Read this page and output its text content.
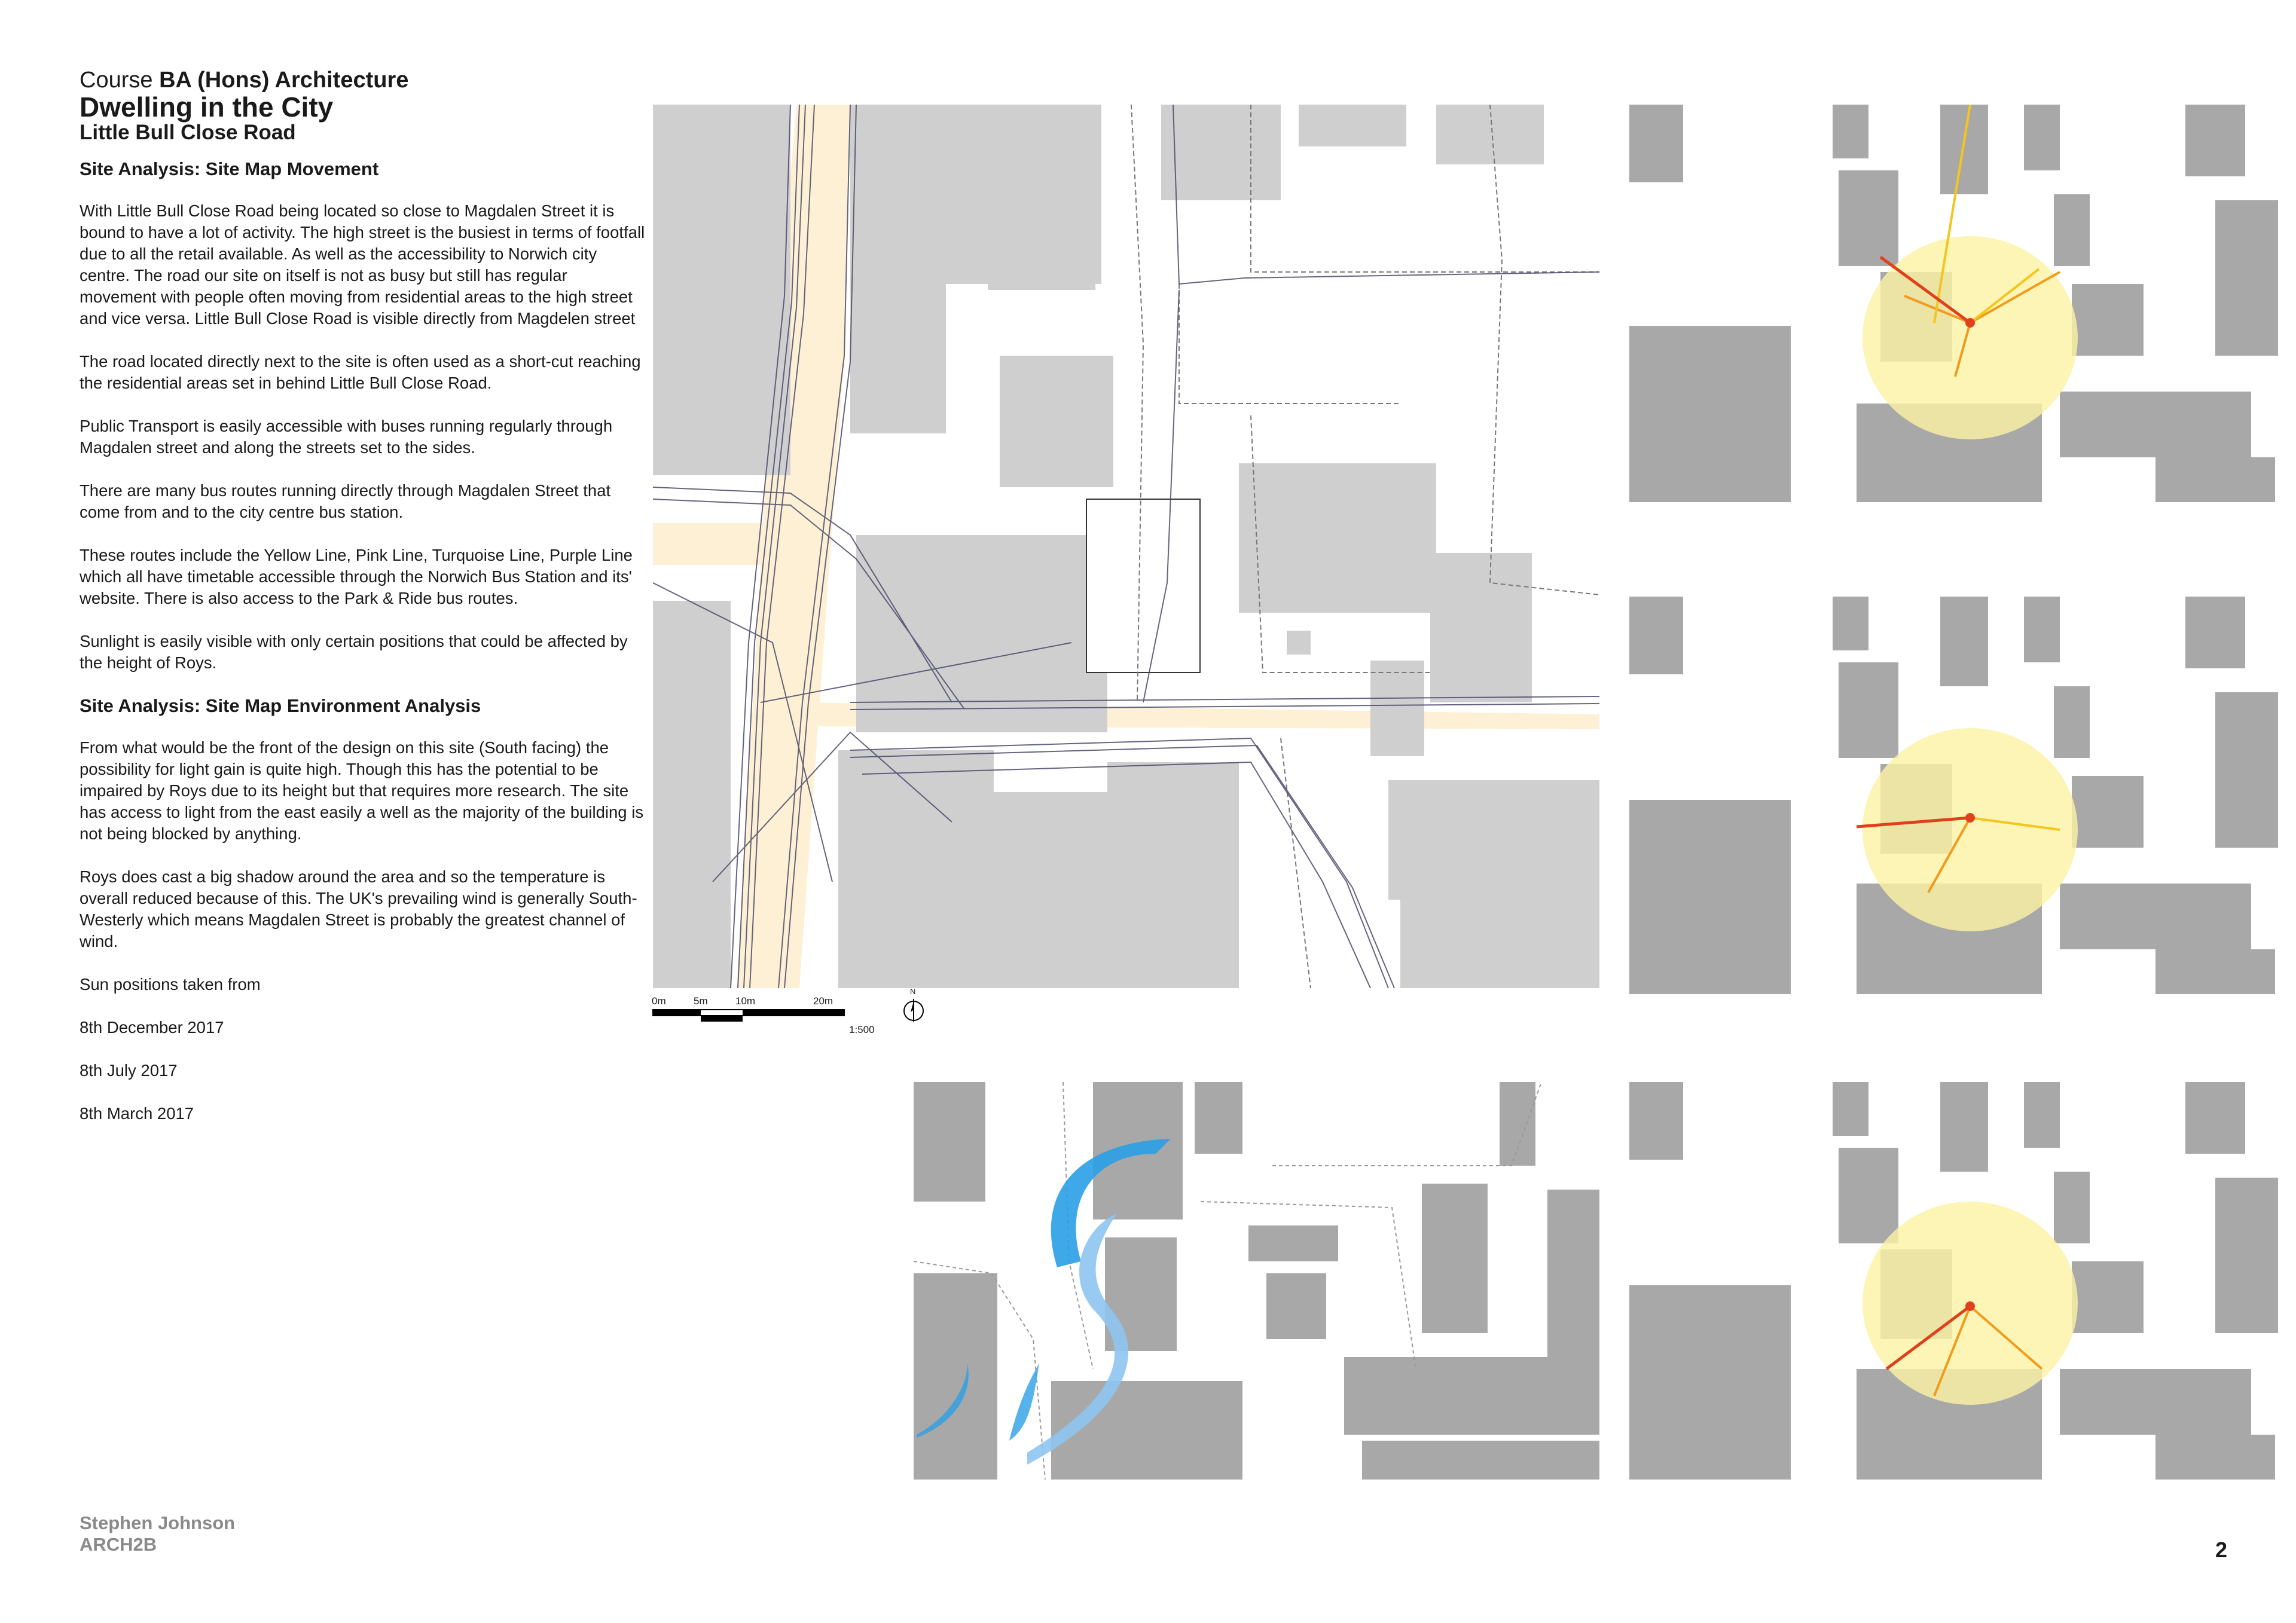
Course BA (Hons) Architecture
Dwelling in the City
Little Bull Close Road
Site Analysis: Site Map Movement

With Little Bull Close Road being located so close to Magdalen Street it is bound to have a lot of activity. The high street is the busiest in terms of footfall due to all the retail available. As well as the accessibility to Norwich city centre. The road our site on itself is not as busy but still has regular movement with people often moving from residential areas to the high street and vice versa. Little Bull Close Road is visible directly from Magdelen street

The road located directly next to the site is often used as a short-cut reaching the residential areas set in behind Little Bull Close Road.

Public Transport is easily accessible with buses running regularly through Magdalen street and along the streets set to the sides.

There are many bus routes running directly through Magdalen Street that come from and to the city centre bus station.

These routes include the Yellow Line, Pink Line, Turquoise Line, Purple Line which all have timetable accessible through the Norwich Bus Station and its' website. There is also access to the Park & Ride bus routes.

Sunlight is easily visible with only certain positions that could be affected by the height of Roys.

Site Analysis: Site Map Environment Analysis

From what would be the front of the design on this site (South facing) the possibility for light gain is quite high. Though this has the potential to be impaired by Roys due to its height but that requires more research. The site has access to light from the east easily a well as the majority of the building is not being blocked by anything.

Roys does cast a big shadow around the area and so the temperature is overall reduced because of this. The UK's prevailing wind is generally South-Westerly which means Magdalen Street is probably the greatest channel of wind.

Sun positions taken from

8th December 2017

8th July 2017

8th March 2017

0m	5m	10m	20m
1:500
N
Stephen Johnson
ARCH2B	2
